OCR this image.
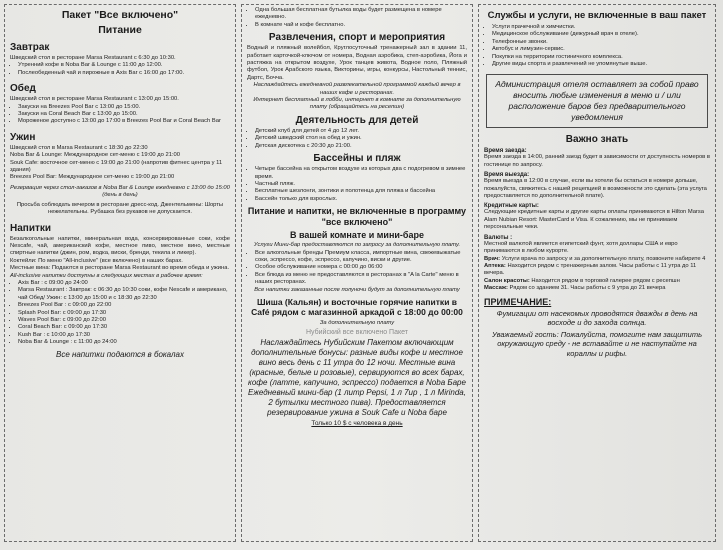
Пакет "Все включено"
Питание
Завтрак
Шведский стол в ресторане Marsa Restaurant с 6:30 до 10:30.
• Утренний кофе в Noba Bar & Lounge с 11:00 до 12:00.
• Послеобеденный чай и пирожные в Axis Bar с 16:00 до 17:00.
Обед
Шведский стол в ресторане Marsa Restaurant с 13:00 до 15:00.
• Закуски на Breezes Pool Bar с 13:00 до 15:00.
• Закуски на Coral Beach Bar с 13:00 до 15:00.
• Мороженое доступно с 13:00 до 17:00 в Breezes Pool Bar и Coral Beach Bar
Ужин
Шведский стол в Marsa Restaurant с 18:30 до 22:30
Noba Bar & Lounge: Международное сет-меню с 19:00 до 21:00
Souk Cafe: восточное сет-меню с 19:00 до 21:00 (напротив фитнес центра у 11 здания)
Breezes Pool Bar: Международное сет-меню с 19:00 до 21:00
Резервация через стол-заказов в Noba Bar & Lounge ежедневно с 13:00 до 15:00 (день в день)
Просьба соблюдать вечером в ресторане дресс-код. Джентельмены: Шорты нежелательны. Рубашка без рукавов не допускается.
Напитки
Безалкогольные напитки, минеральная вода, консервированные соки, кофе Nescafe, чай, американский кофе, местное пиво, местное вино, местные спиртные напитки (джин, ром, водка, виски, бренди, текила и ликер).
Коктейли: По меню "All-inclusive" (все включено) в наших барах.
Местные вина: Подаются в ресторане Marsa Restaurant во время обеда и ужина.
All-inclusive напитки доступны в следующих местах в рабочее время:
• Axis Bar : с 09:00 до 24:00
• Marsa Restaurant : Завтрак: с 06:30 до 10:30 соки, кофе Nescafe и американо, чай Обед/ Ужин: с 13:00 до 15:00 и с 18:30 до 22:30
• Breezes Pool Bar : с 09:00 до 22:00
• Splash Pool Bar: с 09:00 до 17:30
• Waves Pool Bar: с 09:00 до 22:00
• Coral Beach Bar: с 09:00 до 17:30
• Kush Bar : с 10:00 до 17:30
• Noba Bar & Lounge : с 11:00 до 24:00
Все напитки подаются в бокалах
• Одна большая бесплатная бутылка воды будет размещена в номере ежедневно.
• В комнате чай и кофе бесплатно.
Развлечения, спорт и мероприятия
Водный и пляжный волейбол, Круглосуточный тренажерный зал в здании 11, работает карточкой-ключом от номера, Водная аэробика, степ-аэробика, Йога и растяжка на открытом воздухе, Урок танцев живота, Водное поло, Пляжный футбол, Урок Арабского языка, Викторины, игры, конкурсы, Настольный теннис, Дартс, Бочча.
Наслаждайтесь ежедневной развлекательной программой каждый вечер в наших кафе и ресторанах.
Интернет бесплатный в лобби, интернет в комнате за дополнительную плату (обращайтесь на ресепшн)
Деятельность для детей
• Детский клуб для детей от 4 до 12 лет.
• Детский шведский стол на обед и ужин.
• Детская дискотека с 20:30 до 21:00.
Бассейны и пляж
• Четыре бассейна на открытом воздухе из которых два с подогревом в зимнее время.
• Частный пляж.
• Бесплатные шезлонги, зонтики и полотенца для пляжа и бассейна
• Бассейн только для взрослых.
Питание и напитки, не включенные в программу "все включено"
В вашей комнате и мини-баре
Услуги Мини-бар предоставляются по запросу за дополнительную плату.
• Все алкогольные бренды Премиум класса, импортные вина, свежевыжатые соки, эспрессо, кофе, эспрессо, капучино, виски и другие.
• Особое обслуживание номера с 00:00 до 06:00
• Все блюда из меню не предоставляются в ресторанах в "A la Carte" меню в наших ресторанах.
Все напитки заказанные после полуночи будут за дополнительную плату
Шиша (Кальян) и восточные горячие напитки в Café рядом с магазинной аркадой с 18:00 до 00:00
За дополнительную плату
Нубийский все включено Пакет
Наслаждайтесь Нубийским Пакетом включающим дополнительные бонусы: разные виды кофе и местное вино весь день с 11 утра до 12 ночи. Местные вина (красные, белые и розовые), сервируются во всех барах, кофе (латте, капучино, эспрессо) подается в Noba Баре Ежедневный мини-бар (1 литр Pepsi, 1 л 7up , 1 л Mirinda, 2 бутылки местного пива). Предоставляется резервирование ужина в Souk Cafe и Noba баре
Только 10 $ с человека в день
Службы и услуги, не включенные в ваш пакет
• Услуги прачечной и химчистки.
• Медицинское обслуживание (дежурный врач в отеле).
• Телефонные звонки.
• Автобус и лимузин-сервис.
• Покупки на территории гостиничного комплекса.
• Другие виды спорта и развлечений не упомянутые выше.
Администрация отеля оставляет за собой право вносить любые изменения в меню и / или расположение баров без предварительного уведомления
Важно знать
Время заезда:
Время заезда в 14:00, ранний заезд будет в зависимости от доступность номеров в гостинице по запросу.
Время выезда:
Время выезда в 12:00 в случае, если вы хотели бы остаться в номере дольше, пожалуйста, свяжитесь с нашей рецепцией в возможности это сделать (эта услуга предоставляется по дополнительной плате).
Кредитные карты:
Следующие кредитные карты и другие карты оплаты принимаются в Hilton Marsa Alam Nubian Resort: MasterCard и Visa. К сожалению, мы не принимаем персональные чеки.
Валюты :
Местной валютой является египетский фунт, хотя доллары США и евро принимаются в любом курорте.
Врач: Услуги врача по запросу и за дополнительную плату, позвоните набирите 4
Аптека: Находится рядом с тренажерным залом. Часы работы с 11 утра до 11 вечера.
Салон красоты: Находится рядом в торговой галерее рядом с ресепшн
Массаж: Рядом со зданием 31. Часы работы с 9 утра до 21 вечера
ПРИМЕЧАНИЕ:
Фумигации от насекомых проводятся дважды в день на восходе и до захода солнца.
Уважаемый гость: Пожалуйста, помогите нам защитить окружающую среду - не вставайте и не наступайте на кораллы и рифы.
